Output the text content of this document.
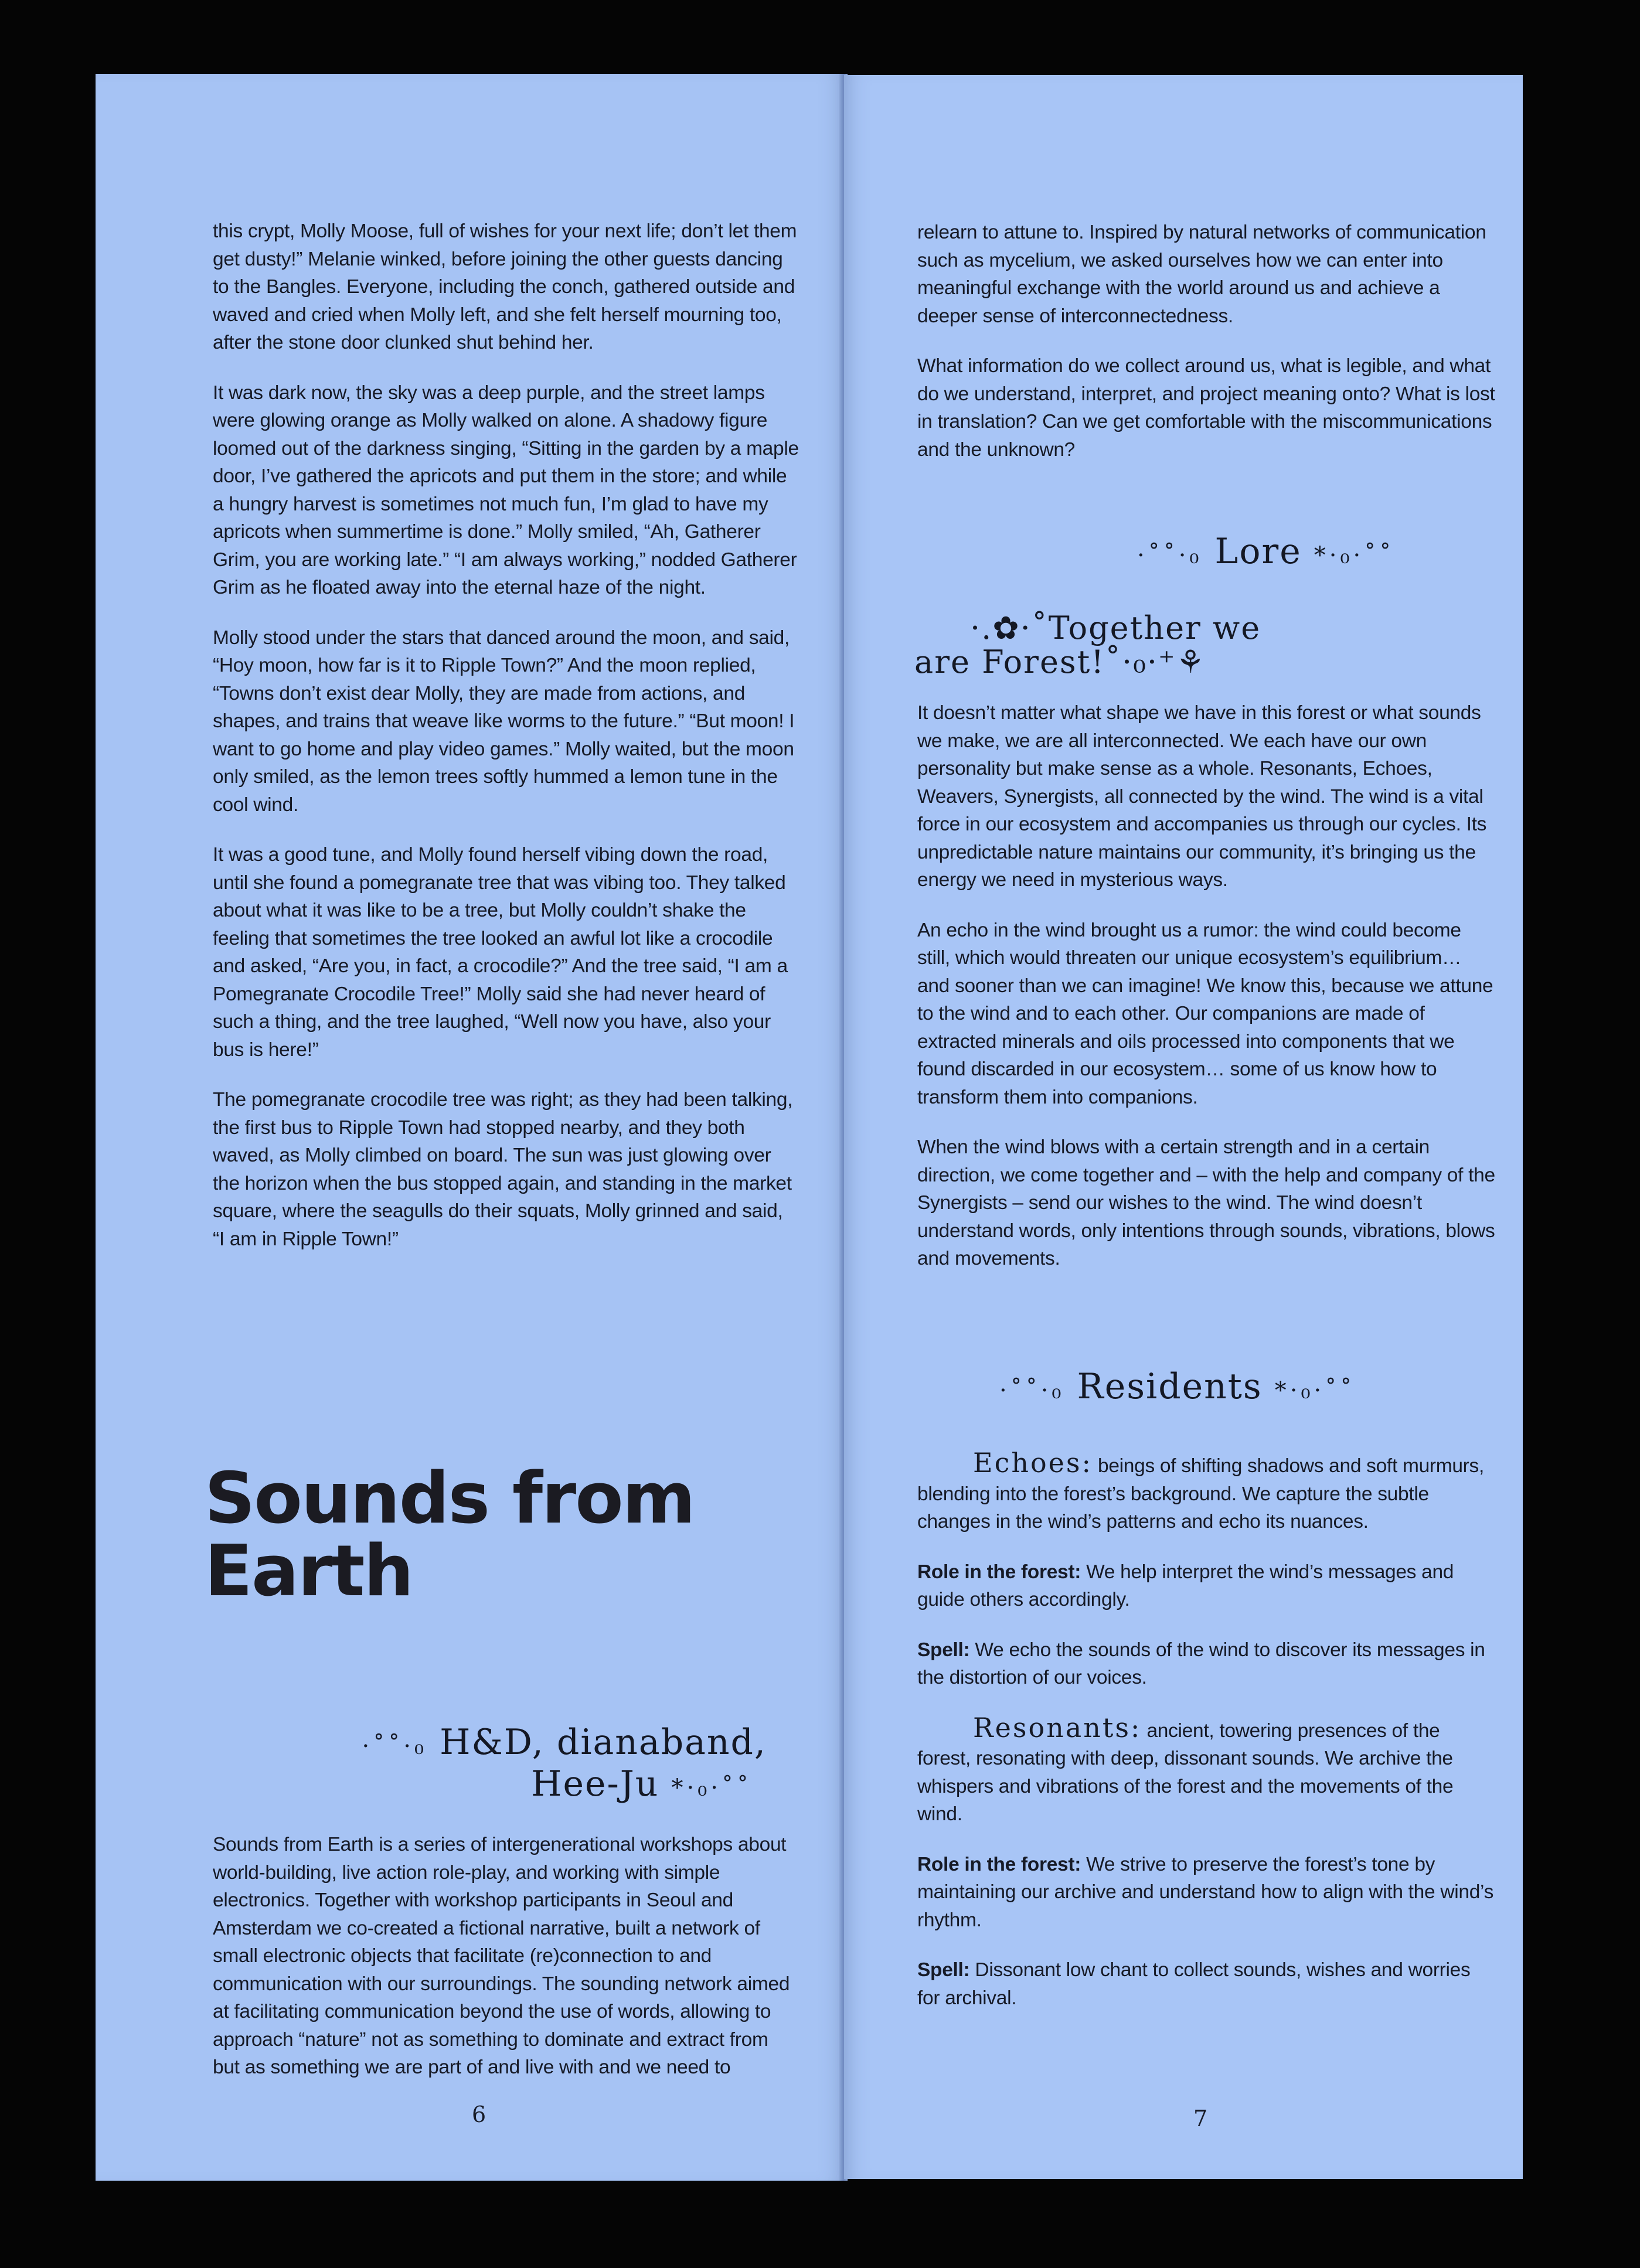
this crypt, Molly Moose, full of wishes for your next life; don’t let them get dusty!” Melanie winked, before joining the other guests dancing to the Bangles. Everyone, including the conch, gathered outside and waved and cried when Molly left, and she felt herself mourning too, after the stone door clunked shut behind her.

It was dark now, the sky was a deep purple, and the street lamps were glowing orange as Molly walked on alone. A shadowy figure loomed out of the darkness singing, “Sitting in the garden by a maple door, I’ve gathered the apricots and put them in the store; and while a hungry harvest is sometimes not much fun, I’m glad to have my apricots when summertime is done.” Molly smiled, “Ah, Gatherer Grim, you are working late.” “I am always working,” nodded Gatherer Grim as he floated away into the eternal haze of the night.

Molly stood under the stars that danced around the moon, and said, “Hoy moon, how far is it to Ripple Town?” And the moon replied, “Towns don’t exist dear Molly, they are made from actions, and shapes, and trains that weave like worms to the future.” “But moon! I want to go home and play video games.” Molly waited, but the moon only smiled, as the lemon trees softly hummed a lemon tune in the cool wind.

It was a good tune, and Molly found herself vibing down the road, until she found a pomegranate tree that was vibing too. They talked about what it was like to be a tree, but Molly couldn’t shake the feeling that sometimes the tree looked an awful lot like a crocodile and asked, “Are you, in fact, a crocodile?” And the tree said, “I am a Pomegranate Crocodile Tree!” Molly said she had never heard of such a thing, and the tree laughed, “Well now you have, also your bus is here!”

The pomegranate crocodile tree was right; as they had been talking, the first bus to Ripple Town had stopped nearby, and they both waved, as Molly climbed on board. The sun was just glowing over the horizon when the bus stopped again, and standing in the market square, where the seagulls do their squats, Molly grinned and said, “I am in Ripple Town!”

Sounds from
Earth
·˚˚·₀ H&D, dianaband,
Hee-Ju *·₀·˚˚

Sounds from Earth is a series of intergenerational workshops about world-building, live action role-play, and working with simple electronics. Together with workshop participants in Seoul and Amsterdam we co-created a fictional narrative, built a network of small electronic objects that facilitate (re)connection to and communication with our surroundings. The sounding network aimed at facilitating communication beyond the use of words, allowing to approach “nature” not as something to dominate and extract from but as something we are part of and live with and we need to

6

relearn to attune to. Inspired by natural networks of communication such as mycelium, we asked ourselves how we can enter into meaningful exchange with the world around us and achieve a deeper sense of interconnectedness.

What information do we collect around us, what is legible, and what do we understand, interpret, and project meaning onto? What is lost in translation? Can we get comfortable with the miscommunications and the unknown?

·˚˚·₀ Lore *·₀·˚˚
·.✿·˚Together we
are Forest!˚·₀·⁺⚘

It doesn’t matter what shape we have in this forest or what sounds we make, we are all interconnected. We each have our own personality but make sense as a whole. Resonants, Echoes, Weavers, Synergists, all connected by the wind. The wind is a vital force in our ecosystem and accompanies us through our cycles. Its unpredictable nature maintains our community, it’s bringing us the energy we need in mysterious ways.

An echo in the wind brought us a rumor: the wind could become still, which would threaten our unique ecosystem’s equilibrium… and sooner than we can imagine! We know this, because we attune to the wind and to each other. Our companions are made of extracted minerals and oils processed into components that we found discarded in our ecosystem… some of us know how to transform them into companions.

When the wind blows with a certain strength and in a certain direction, we come together and – with the help and company of the Synergists – send our wishes to the wind. The wind doesn’t understand words, only intentions through sounds, vibrations, blows and movements.

·˚˚·₀ Residents *·₀·˚˚

Echoes: beings of shifting shadows and soft murmurs, blending into the forest’s background. We capture the subtle changes in the wind’s patterns and echo its nuances.

Role in the forest: We help interpret the wind’s messages and guide others accordingly.

Spell: We echo the sounds of the wind to discover its messages in the distortion of our voices.

Resonants: ancient, towering presences of the forest, resonating with deep, dissonant sounds. We archive the whispers and vibrations of the forest and the movements of the wind.

Role in the forest: We strive to preserve the forest’s tone by maintaining our archive and understand how to align with the wind’s rhythm.

Spell: Dissonant low chant to collect sounds, wishes and worries for archival.

7
